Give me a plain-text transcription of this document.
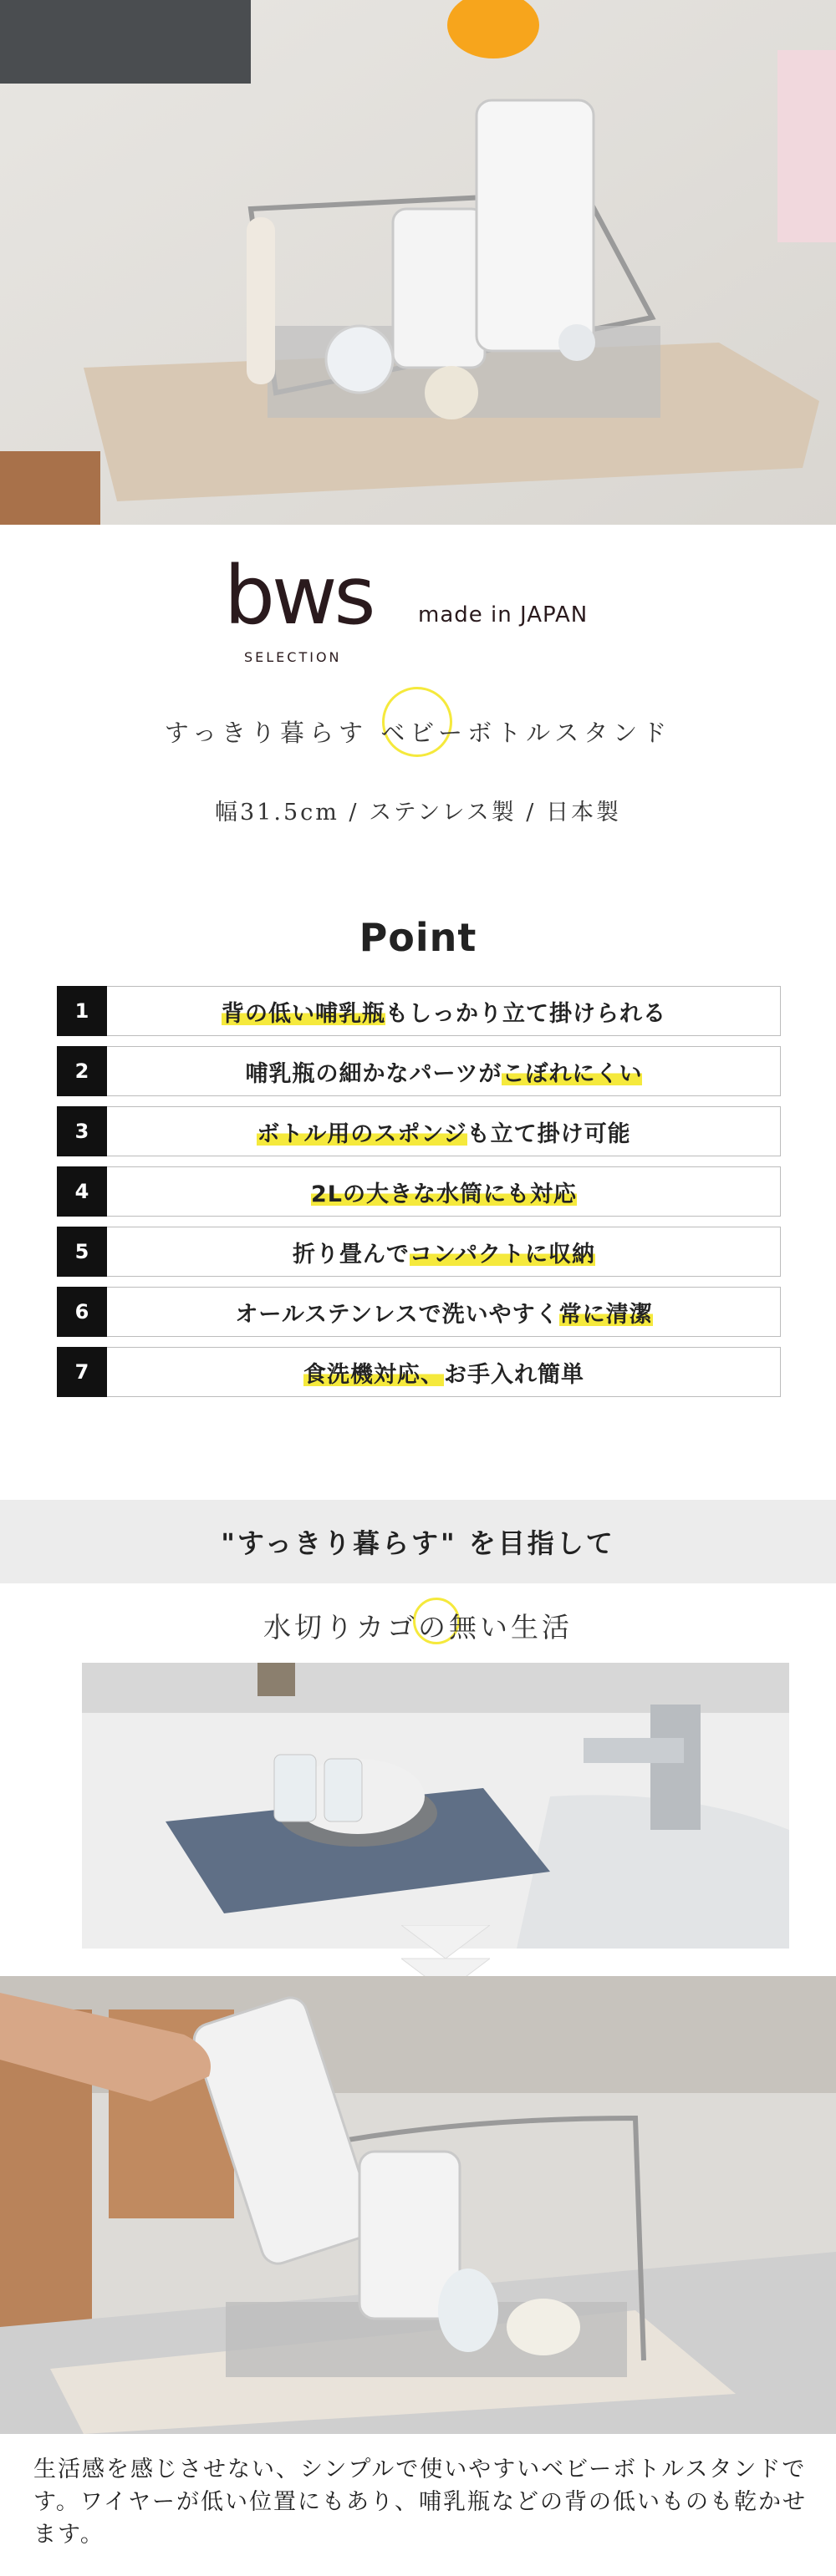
bws
SELECTION
made in JAPAN
すっきり暮らす ベビーボトルスタンド
幅31.5cm / ステンレス製 / 日本製
Point
1	背の低い哺乳瓶 もしっかり立て掛けられる
2	哺乳瓶の細かなパーツが こぼれにくい
3	ボトル用のスポンジ も立て掛け可能
4	2Lの大きな水筒にも対応
5	折り畳んで コンパクトに収納
6	オールステンレスで洗いやすく 常に清潔
7	食洗機対応、 お手入れ簡単
"すっきり暮らす" を目指して
水切りカゴの無い生活
生活感を感じさせない、シンプルで使いやすいベビーボトルスタンドです。ワイヤーが低い位置にもあり、哺乳瓶などの背の低いものも乾かせます。
